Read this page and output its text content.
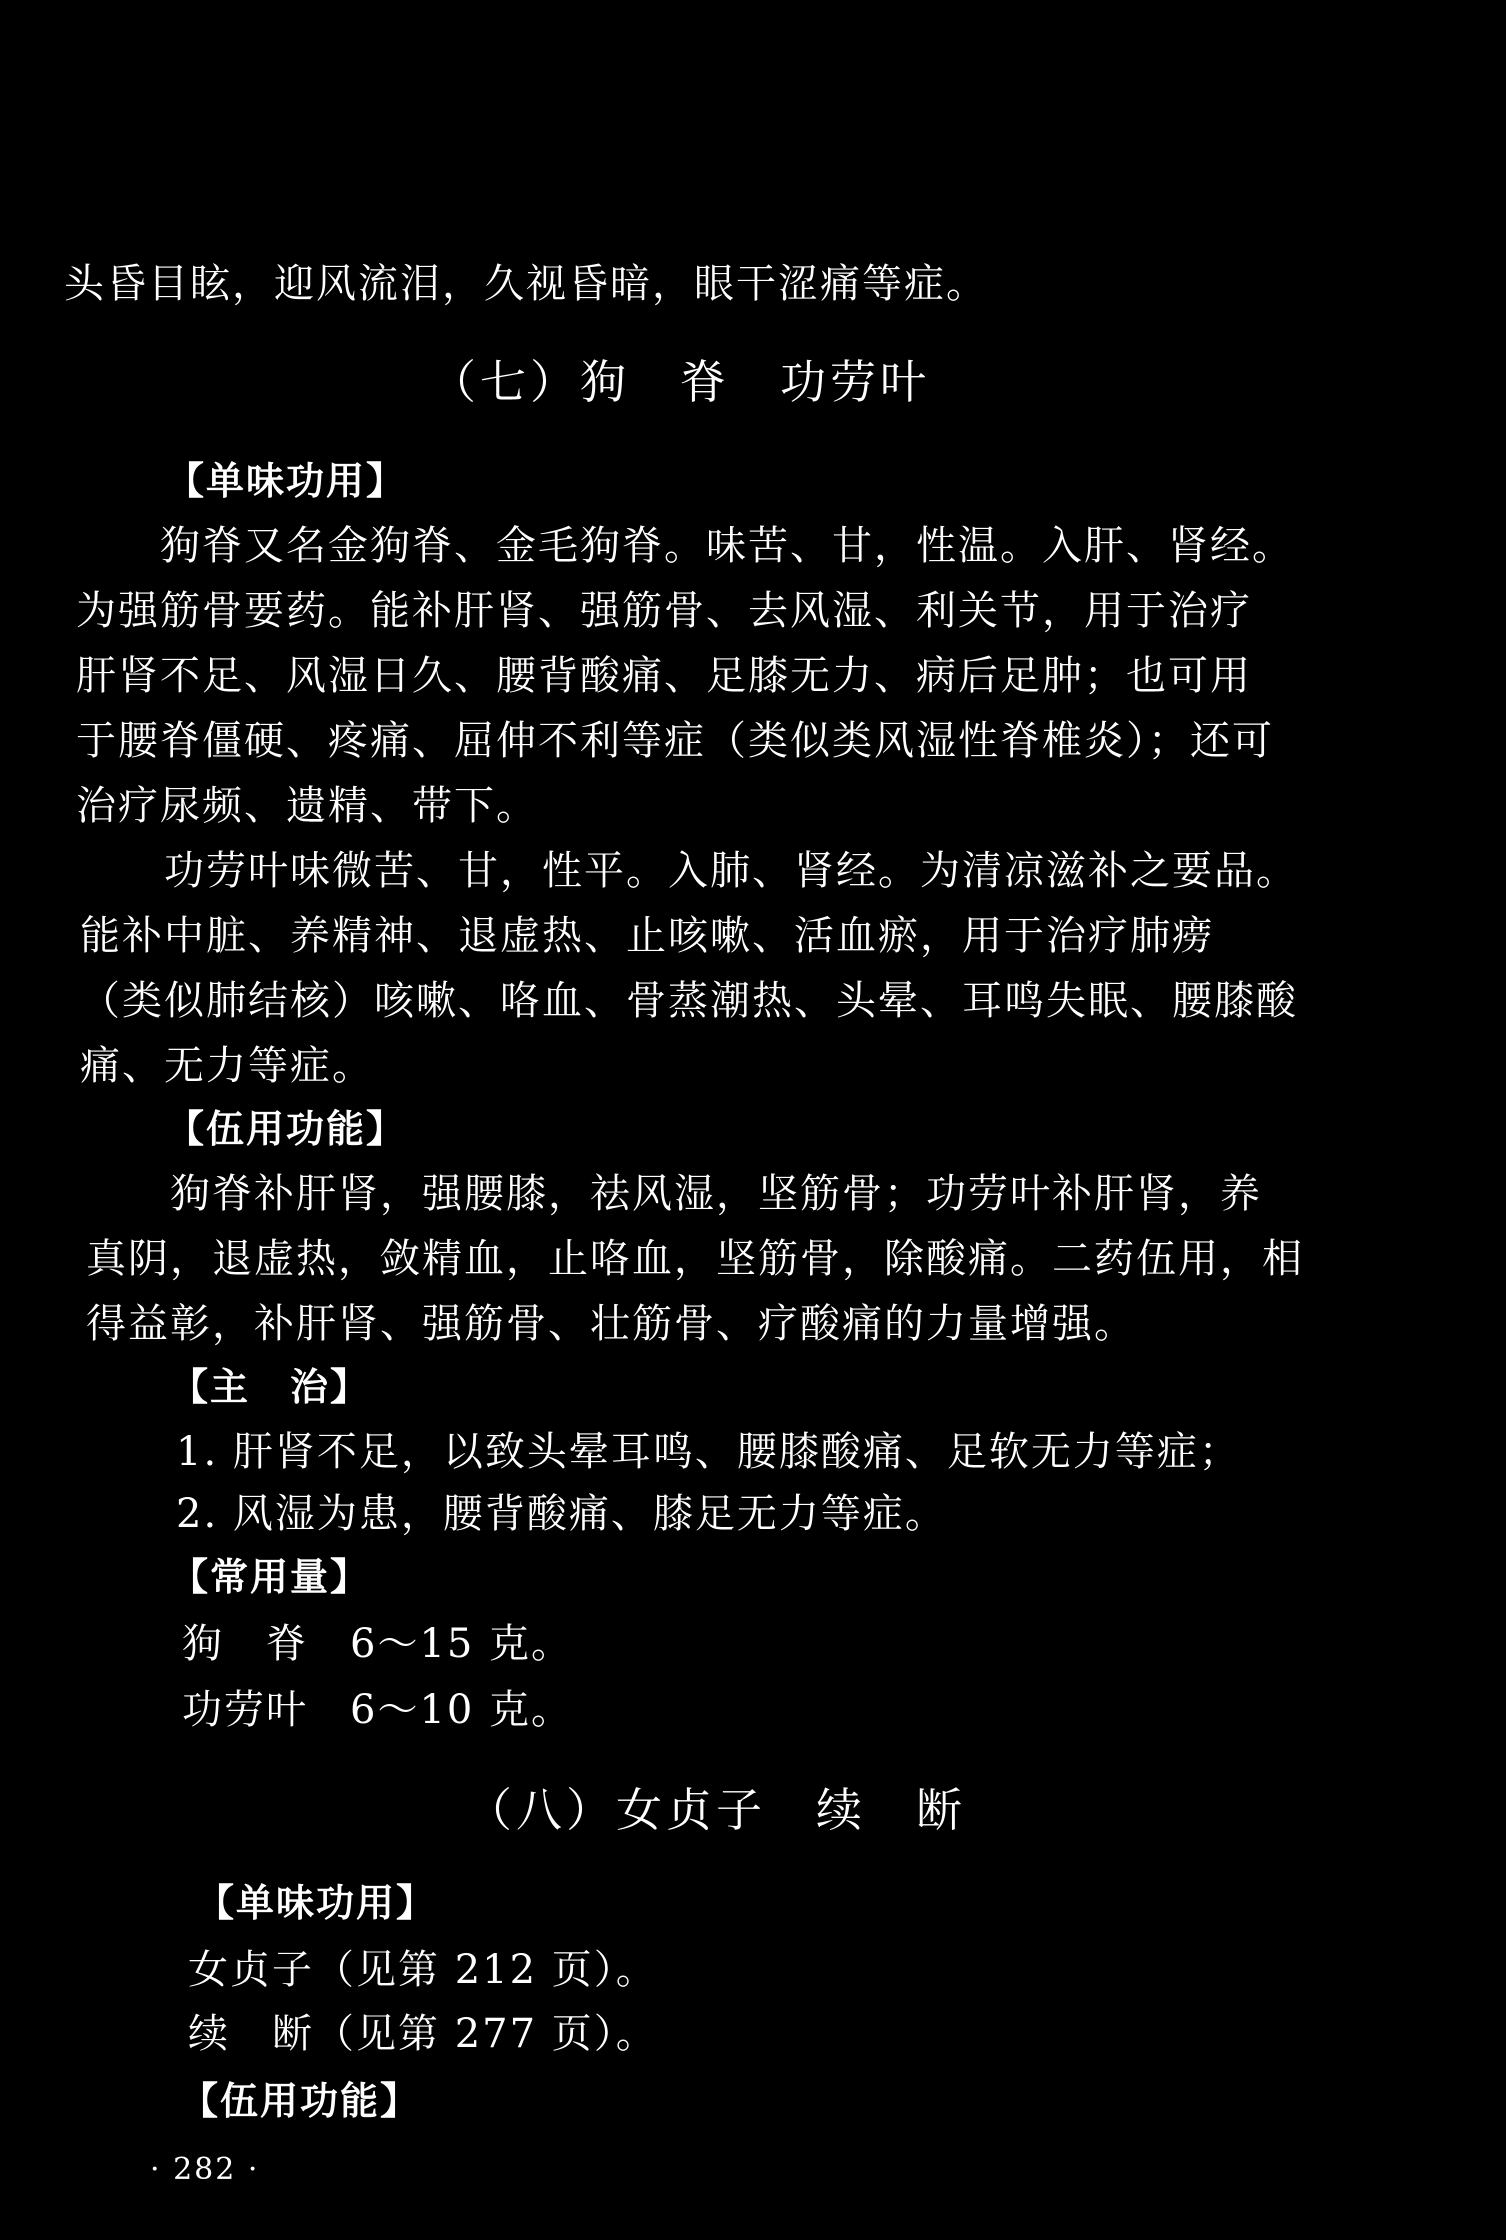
头昏目眩，迎风流泪，久视昏暗，眼干涩痛等症。
（七）狗　脊　功劳叶
【单味功用】
狗脊又名金狗脊、金毛狗脊。味苦、甘，性温。入肝、肾经。
为强筋骨要药。能补肝肾、强筋骨、去风湿、利关节，用于治疗
肝肾不足、风湿日久、腰背酸痛、足膝无力、病后足肿；也可用
于腰脊僵硬、疼痛、屈伸不利等症（类似类风湿性脊椎炎）；还可
治疗尿频、遗精、带下。
功劳叶味微苦、甘，性平。入肺、肾经。为清凉滋补之要品。
能补中脏、养精神、退虚热、止咳嗽、活血瘀，用于治疗肺痨
（类似肺结核）咳嗽、咯血、骨蒸潮热、头晕、耳鸣失眠、腰膝酸
痛、无力等症。
【伍用功能】
狗脊补肝肾，强腰膝，祛风湿，坚筋骨；功劳叶补肝肾，养
真阴，退虚热，敛精血，止咯血，坚筋骨，除酸痛。二药伍用，相
得益彰，补肝肾、强筋骨、壮筋骨、疗酸痛的力量增强。
【主　治】
1. 肝肾不足，以致头晕耳鸣、腰膝酸痛、足软无力等症；
2. 风湿为患，腰背酸痛、膝足无力等症。
【常用量】
狗　脊　6～15 克。
功劳叶　6～10 克。
（八）女贞子　续　断
【单味功用】
女贞子（见第 212 页）。
续　断（见第 277 页）。
【伍用功能】
· 282 ·
